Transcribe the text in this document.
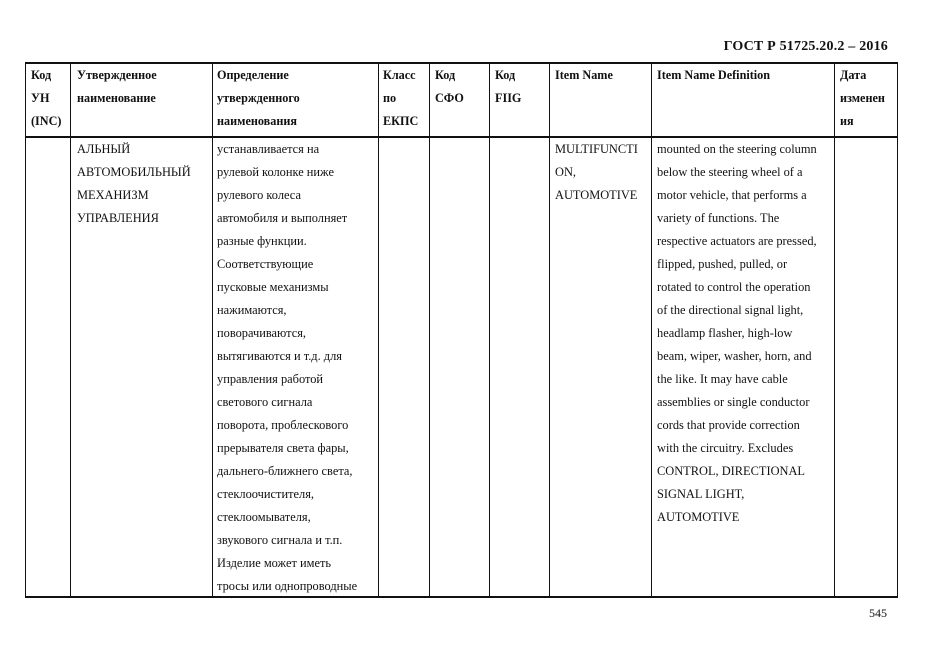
ГОСТ Р 51725.20.2 – 2016
Код
УН
(INC)
Утвержденное
наименование
Определение
утвержденного
наименования
Класс
по
ЕКПС
Код
СФО
Код
FIIG
Item Name	Item Name Definition	Дата
изменен
ия
АЛЬНЫЙ
АВТОМОБИЛЬНЫЙ
МЕХАНИЗМ
УПРАВЛЕНИЯ
устанавливается на
рулевой колонке ниже
рулевого колеса
автомобиля и выполняет
разные функции.
Соответствующие
пусковые механизмы
нажимаются,
поворачиваются,
вытягиваются и т.д. для
управления работой
светового сигнала
поворота, проблескового
прерывателя света фары,
дальнего-ближнего света,
стеклоочистителя,
стеклоомывателя,
звукового сигнала и т.п.
Изделие может иметь
тросы или однопроводные
MULTIFUNCTI
ON,
AUTOMOTIVE
mounted on the steering column
below the steering wheel of a
motor vehicle, that performs a
variety of functions. The
respective actuators are pressed,
flipped, pushed, pulled, or
rotated to control the operation
of the directional signal light,
headlamp flasher, high-low
beam, wiper, washer, horn, and
the like. It may have cable
assemblies or single conductor
cords that provide correction
with the circuitry. Excludes
CONTROL, DIRECTIONAL
SIGNAL LIGHT,
AUTOMOTIVE
545
